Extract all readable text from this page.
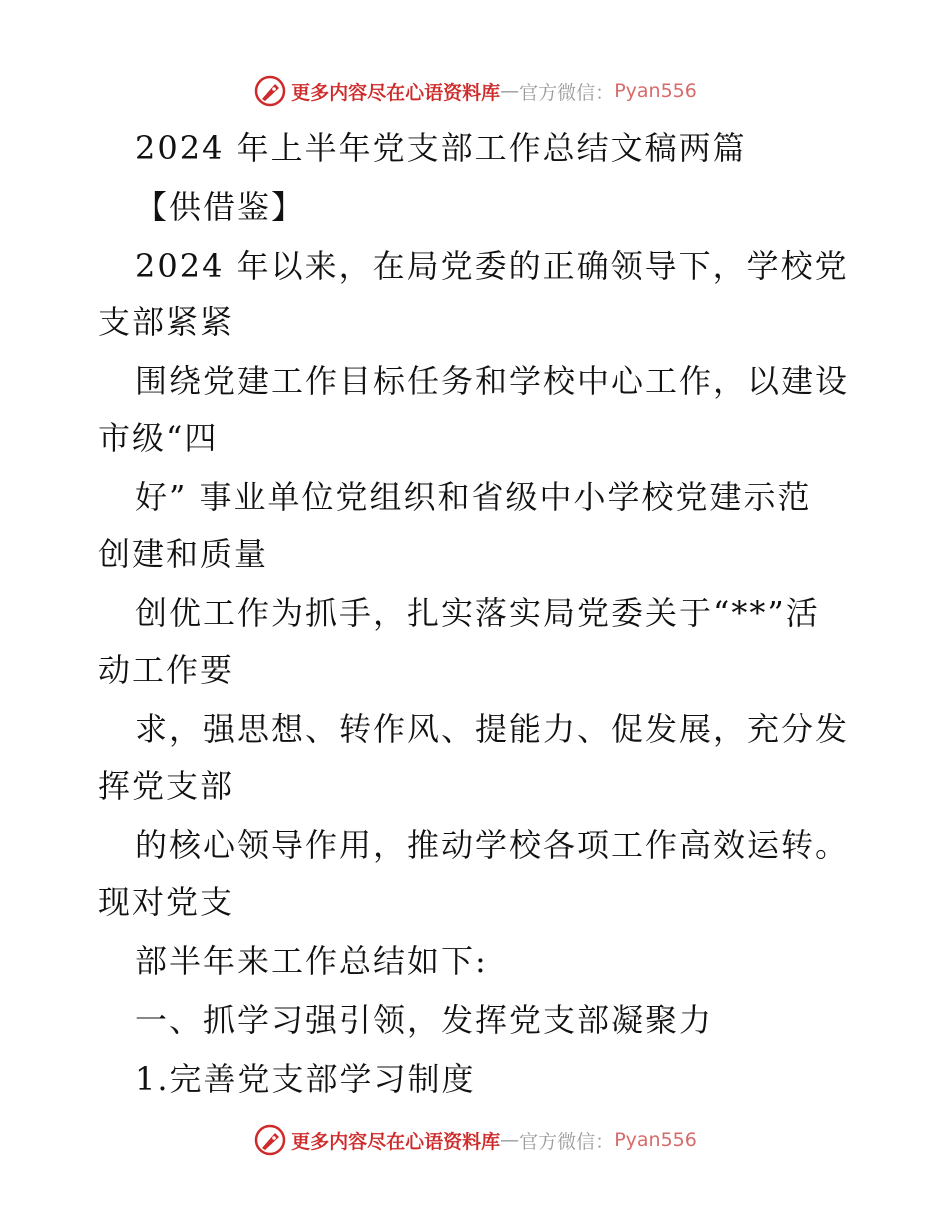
更多内容尽在心语资料库 — 官方微信： Pyan556
2024 年上半年党支部工作总结文稿两篇
【供借鉴】
2024 年以来，在局党委的正确领导下，学校党
支部紧紧
围绕党建工作目标任务和学校中心工作，以建设
市级“四
好” 事业单位党组织和省级中小学校党建示范
创建和质量
创优工作为抓手，扎实落实局党委关于“**”活
动工作要
求，强思想、转作风、提能力、促发展，充分发
挥党支部
的核心领导作用，推动学校各项工作高效运转。
现对党支
部半年来工作总结如下:
一、抓学习强引领，发挥党支部凝聚力
1.完善党支部学习制度
更多内容尽在心语资料库 — 官方微信： Pyan556
